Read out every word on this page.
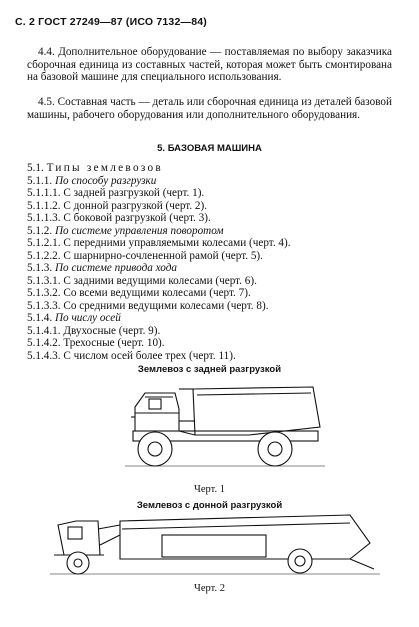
С. 2 ГОСТ 27249—87 (ИСО 7132—84)

4.4. Дополнительное оборудование — поставляемая по выбору заказчика сборочная единица из составных частей, которая может быть смонтирована на базовой машине для специального использования.

4.5. Составная часть — деталь или сборочная единица из деталей базовой машины, рабочего оборудования или дополнительного оборудования.

5. БАЗОВАЯ МАШИНА
5.1. Типы землевозов
5.1.1. По способу разгрузки
5.1.1.1. С задней разгрузкой (черт. 1).
5.1.1.2. С донной разгрузкой (черт. 2).
5.1.1.3. С боковой разгрузкой (черт. 3).
5.1.2. По системе управления поворотом
5.1.2.1. С передними управляемыми колесами (черт. 4).
5.1.2.2. С шарнирно-сочлененной рамой (черт. 5).
5.1.3. По системе привода хода
5.1.3.1. С задними ведущими колесами (черт. 6).
5.1.3.2. Со всеми ведущими колесами (черт. 7).
5.1.3.3. Со средними ведущими колесами (черт. 8).
5.1.4. По числу осей
5.1.4.1. Двухосные (черт. 9).
5.1.4.2. Трехосные (черт. 10).
5.1.4.3. С числом осей более трех (черт. 11).
Землевоз с задней разгрузкой
Черт. 1
Землевоз с донной разгрузкой
Черт. 2
